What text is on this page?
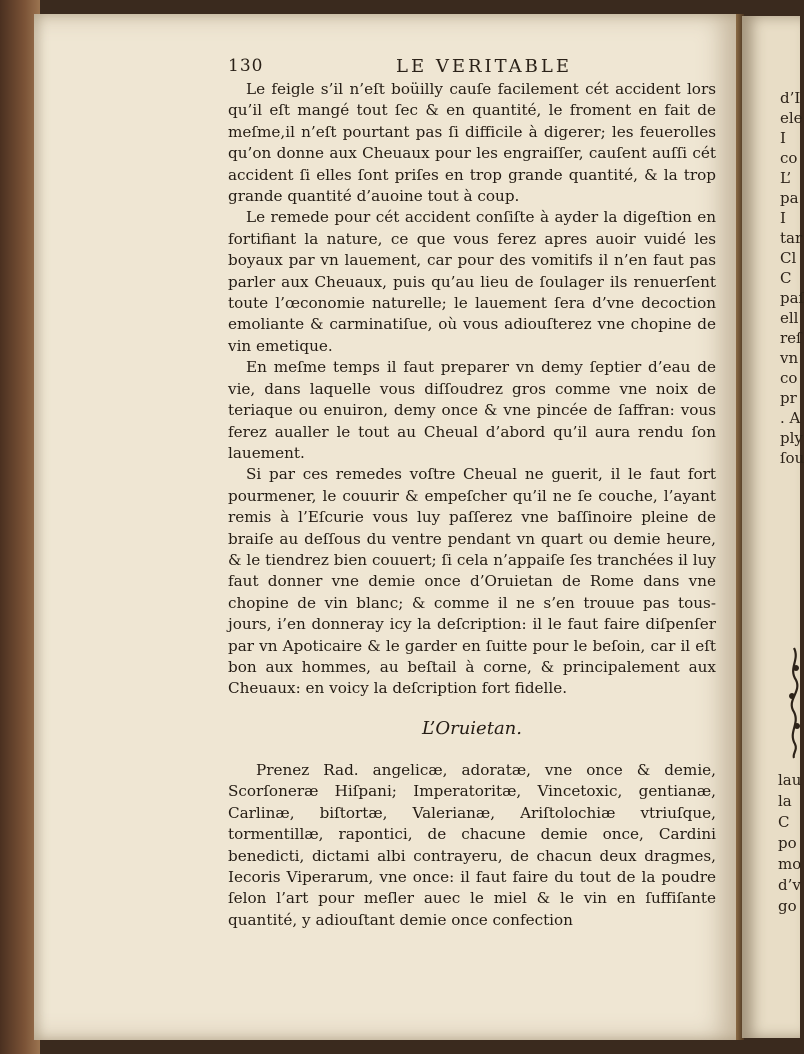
130	LE VERITABLE

Le feigle s’il n’eſt boüilly cauſe facilement cét accident lors qu’il eſt mangé tout ſec & en quantité, le froment en fait de meſme,il n’eſt pourtant pas ſi difficile à digerer; les feuerolles qu’on donne aux Cheuaux pour les engraiſſer, cauſent auſſi cét accident ſi elles ſont priſes en trop grande quantité, & la trop grande quantité d’auoine tout à coup.

Le remede pour cét accident conſiſte à ayder la digeſtion en fortifiant la nature, ce que vous ferez apres auoir vuidé les boyaux par vn lauement, car pour des vomitifs il n’en faut pas parler aux Cheuaux, puis qu’au lieu de ſoulager ils renuerſent toute l’œconomie naturelle; le lauement ſera d’vne decoction emoliante & carminatiſue, où vous adiouſterez vne chopine de vin emetique.

En meſme temps il faut preparer vn demy ſeptier d’eau de vie, dans laquelle vous diſſoudrez gros comme vne noix de teriaque ou enuiron, demy once & vne pincée de ſaffran: vous ferez aualler le tout au Cheual d’abord qu’il aura rendu ſon lauement.

Si par ces remedes voſtre Cheual ne guerit, il le faut fort pourmener, le couurir & empeſcher qu’il ne ſe couche, l’ayant remis à l’Eſcurie vous luy paſſerez vne baſſinoire pleine de braiſe au deſſous du ventre pendant vn quart ou demie heure, & le tiendrez bien couuert; ſi cela n’appaiſe ſes tranchées il luy faut donner vne demie once d’Oruietan de Rome dans vne chopine de vin blanc; & comme il ne s’en trouue pas tous-jours, i’en donneray icy la deſcription: il le faut faire diſpenſer par vn Apoticaire & le garder en ſuitte pour le beſoin, car il eſt bon aux hommes, au beſtail à corne, & principalement aux Cheuaux: en voicy la deſcription fort fidelle.

L’Oruietan.

Prenez Rad. angelicæ, adoratæ, vne once & demie, Scorſoneræ Hiſpani; Imperatoritæ, Vincetoxic, gentianæ, Carlinæ, biſtortæ, Valerianæ, Ariſtolochiæ vtriuſque, tormentillæ, rapontici, de chacune demie once, Cardini benedicti, dictami albi contrayeru, de chacun deux dragmes, Iecoris Viperarum, vne once: il faut faire du tout de la poudre ſelon l’art pour meſler auec le miel & le vin en ſuffiſante quantité, y adiouſtant demie once confection

d’I
ele
I
co
L’
pa
I
tar
Cl
C
paſ
ell
reſ
vn
co
pr
. A
ply
ſou
lau
la
C
po
mo
d’v
go
